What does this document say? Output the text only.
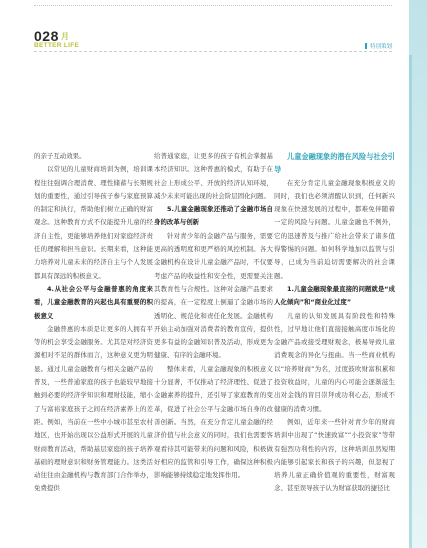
028 月
BETTER LIFE	特别策划

的亲子互动效果。

以常见的儿童财商培训为例，培训课程往往强调合理消费、理性储蓄与长期规划的重要性，通过引导孩子参与家庭预算的制定和执行，帮助他们树立正确的财富观念。这种教育方式不仅能提升儿童的经济自主性，更能够培养他们对家庭经济责任的理解和担当意识。长期来看，这种能力培养对儿童未来的经济自主与个人发展都具有深远的积极意义。

4.从社会公平与金融普惠的角度来看，儿童金融教育的兴起也具有重要的积极意义

金融普惠的本质是让更多的人拥有平等的机会享受金融服务。尤其是对经济资源相对不足的群体而言，这种意义更为明显。通过儿童金融教育与相关金融产品的普及，一些普通家庭的孩子也能较早地接触到必要的经济学知识和理财技能，缩小了与富裕家庭孩子之间在经济素养上的差距。例如，当前在一些中小城市甚至农村地区，也开始出现以公益形式开展的儿童财商教育活动，帮助基层家庭的孩子培养基础的理财意识和财务管理能力。这类活动往往由金融机构与教育部门合作举办，免费提供

给普通家庭，让更多的孩子有机会掌握基本经济知识。这种普惠的模式，有助于在社会上形成公平、开放的经济认知环境，减少未来可能出现的社会阶层固化问题。

5.儿童金融现象还推动了金融市场自身的改革与创新

针对青少年的金融产品与服务，需要更高的透明度和更严格的风控机制。各大金融机构在设计儿童金融产品时，不仅要考虑产品的收益性和安全性，更需要关注其教育性与合规性。这种对金融产品要求的提高，在一定程度上倒逼了金融市场的透明化、规范化和责任化发展。金融机构开始主动加强对消费者的教育宣传，提供更多有益的金融知识普及活动，形成更为健康、有序的金融环境。

整体来看，儿童金融现象的积极意义十分显著，不仅推动了经济理性、促进了金融素养的提升，还引导了家庭教育的变革，促进了社会公平与金融市场自身的改善创新。当然，在充分肯定儿童金融的经济价值与社会意义的同时，我们也需要客观看待其可能带来的问题和风险，积极做好相应的监管和引导工作，确保这种积极影响能够持续稳定地发挥作用。

儿童金融现象的潜在风险与社会引导

在充分肯定儿童金融现象积极意义的同时，我们也必须清醒认识到，任何新兴现象在快速发展的过程中，都难免伴随着一定的风险与问题。儿童金融也不例外，它的迅速普及与推广给社会带来了诸多值得警惕的问题。如何科学地加以监管与引导，已成为当前迫切需要解决的社会课题。

1.儿童金融现象最直接的问题就是“成人化倾向”和“商业化过度”

儿童的认知发展具有阶段性和特殊性，过早地让他们直接接触高度市场化的金融产品或接受理财观念，极易导致儿童消费观念的异化与扭曲。当一些商业机构以“培养财商”为名，过度鼓吹财富积累和投资收益时，儿童的内心可能会逐渐滋生出对金钱的盲目崇拜或功利心态，形成不健康的消费习惯。

例如，近年来一些针对青少年的财商培训中出现了“快速致富”“小投资家”等带有强烈功利性的内容，这种培训虽然短期内能够引起家长和孩子的兴趣，但忽视了培养儿童正确价值观的重要性，财富观念、甚至误导孩子认为财富获取的捷径比
